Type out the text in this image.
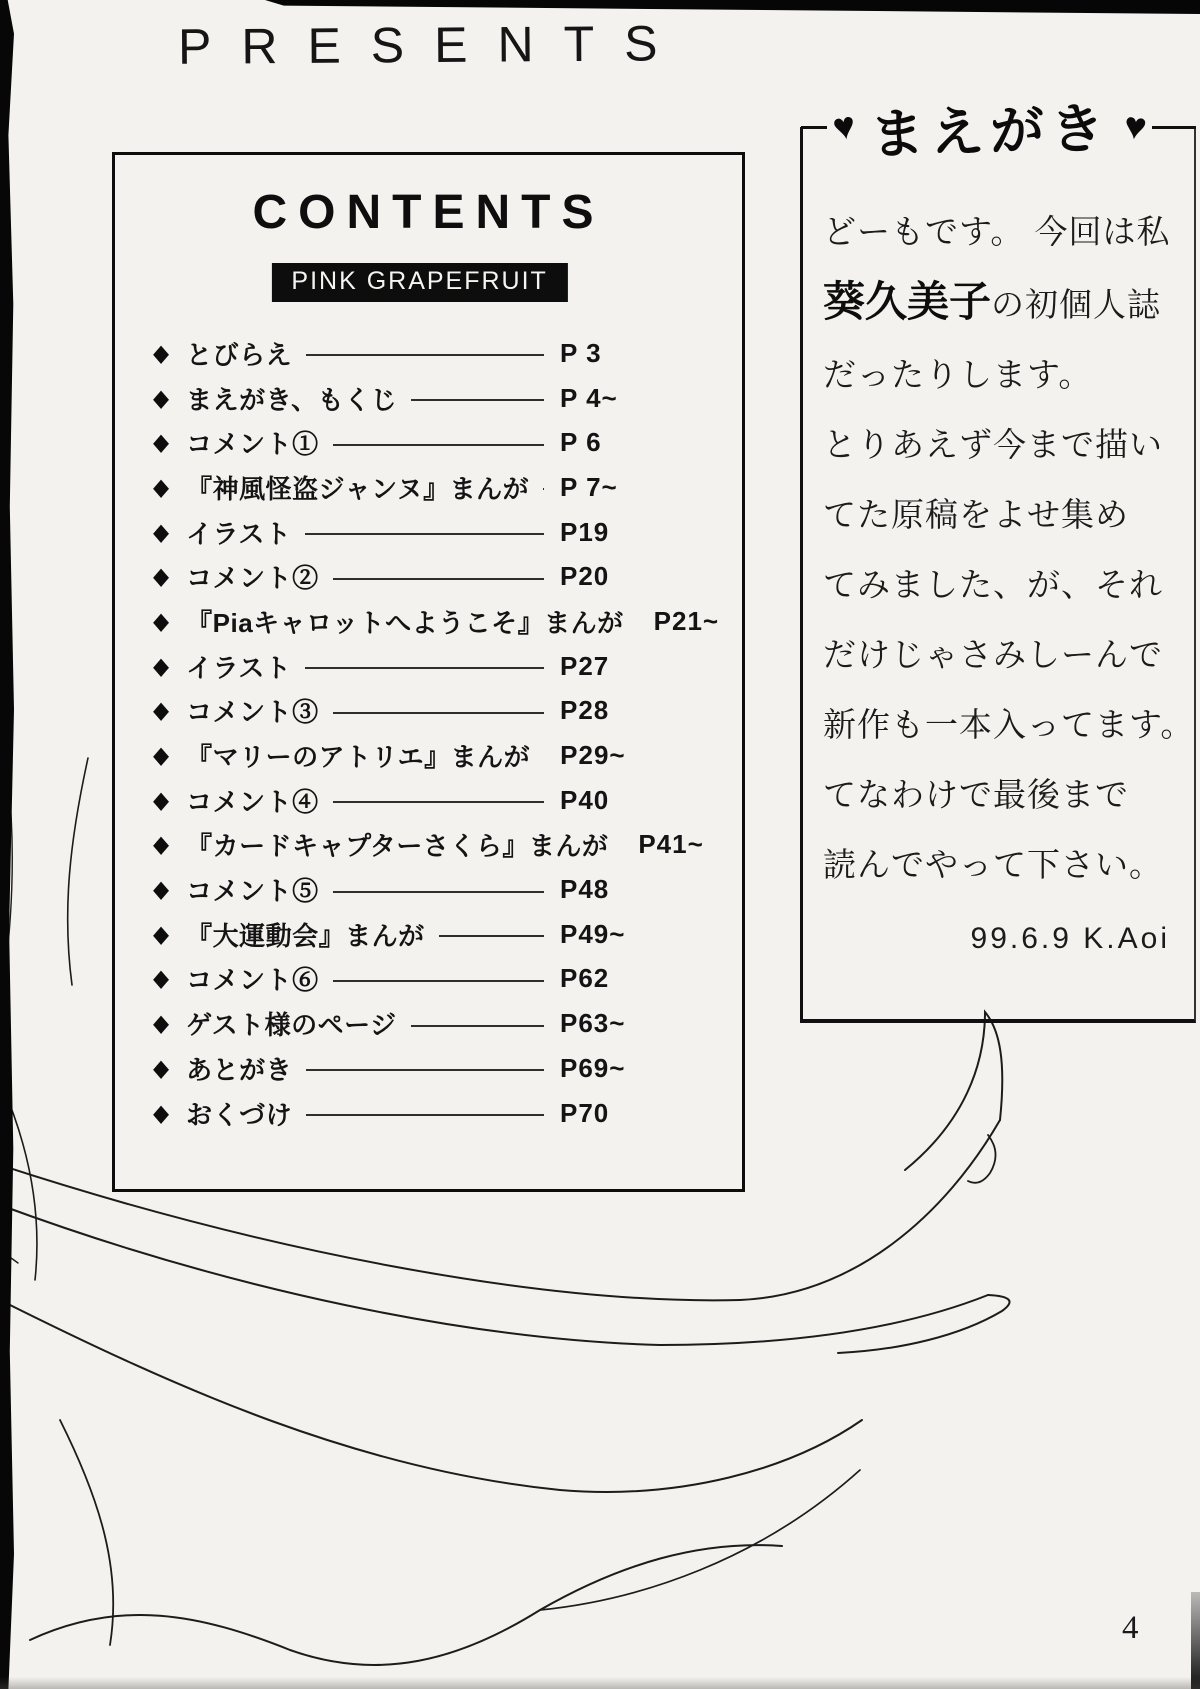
PRESENTS
CONTENTS
PINK GRAPEFRUIT
◆ とびらえ	P 3
◆ まえがき、もくじ	P 4~
◆ コメント①	P 6
◆ 『神風怪盗ジャンヌ』まんが P 7~
◆ イラスト	P19
◆ コメント②	P20
◆ 『Piaキャロットへようこそ』まんが P21~
◆ イラスト	P27
◆ コメント③	P28
◆ 『マリーのアトリエ』まんが P29~
◆ コメント④	P40
◆ 『カードキャプターさくら』まんが P41~
◆ コメント⑤	P48
◆ 『大運動会』まんが	P49~
◆ コメント⑥	P62
◆ ゲスト様のページ	P63~
◆ あとがき	P69~
◆ おくづけ	P70
♥ まえがき ♥
どーもです。 今回は私
葵久美子の初個人誌
だったりします。
とりあえず今まで描い
てた原稿をよせ集め
てみました、が、それ
だけじゃさみしーんで
新作も一本入ってます。
てなわけで最後まで
読んでやって下さい。
99.6.9 K.Aoi
4
